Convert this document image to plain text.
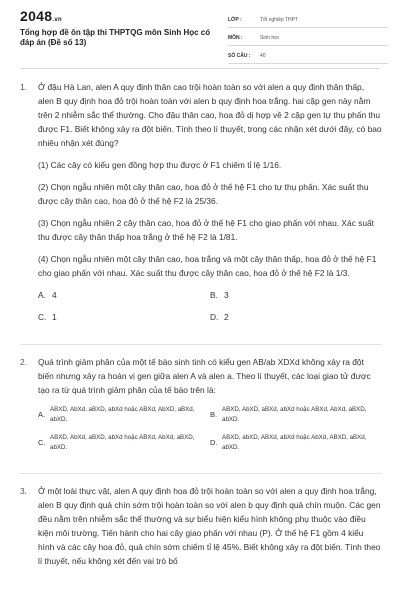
2048.vn
Tổng hợp đề ôn tập thi THPTQG môn Sinh Học có đáp án (Đề số 13)
LỚP :	Tốt nghiệp THPT
MÔN :	Sinh học
SỐ CÂU :	40
1.	Ở đậu Hà Lan, alen A quy định thân cao trội hoàn toàn so với alen a quy định thân thấp, alen B quy định hoa đỏ trội hoàn toàn với alen b quy định hoa trắng. hai cặp gen này nằm trên 2 nhiễm sắc thể thường. Cho đậu thân cao, hoa đỏ dị hợp về 2 cặp gen tự thụ phấn thu được F1. Biết không xảy ra đột biến. Tính theo lí thuyết, trong các nhận xét dưới đây, có bao nhiêu nhận xét đúng?

(1) Các cây có kiểu gen đồng hợp thu được ở F1 chiếm tỉ lệ 1/16.

(2) Chọn ngẫu nhiên một cây thân cao, hoa đỏ ở thế hệ F1 cho tự thụ phấn. Xác suất thu được cây thân cao, hoa đỏ ở thế hệ F2 là 25/36.

(3) Chọn ngẫu nhiên 2 cây thân cao, hoa đỏ ở thế hệ F1 cho giao phấn với nhau. Xác suất thu được cây thân thấp hoa trắng ở thế hệ F2 là 1/81.

(4) Chọn ngẫu nhiên một cây thân cao, hoa trắng và một cây thân thấp, hoa đỏ ở thế hệ F1 cho giao phấn với nhau. Xác suất thu được cây thân cao, hoa đỏ ở thế hệ F2 là 1/3.

A. 4	B. 3
C. 1	D. 2
2.	Quá trình giảm phân của một tế bào sinh tinh có kiểu gen AB/ab XDXd không xảy ra đột biến nhưng xảy ra hoán vị gen giữa alen A và alen a. Theo lí thuyết, các loại giao tử được tạo ra từ quá trình giảm phân của tế bào trên là:

A.
ABXD, AbXd, aBXD, abXd hoặc ABXd, AbXD, aBXd, abXD.
B.
ABXD, AbXD, aBXd, abXd hoặc ABXd, AbXd, aBXD, abXD.
C.
ABXD, AbXd, aBXD, abXd hoặc ABXd, AbXd, aBXD, abXD.
D.
ABXD, abXD, ABXd, abXd hoặc AbXd, ABXD, aBXd, abXD.
3.	Ở một loài thực vật, alen A quy định hoa đỏ trội hoàn toàn so với alen a quy định hoa trắng, alen B quy định quả chín sớm trội hoàn toàn so với alen b quy định quả chín muộn. Các gen đều nằm trên nhiễm sắc thể thường và sự biểu hiện kiểu hình không phụ thuộc vào điều kiện môi trường. Tiến hành cho hai cây giao phấn với nhau (P). Ở thế hệ F1 gồm 4 kiểu hình và các cây hoa đỏ, quả chín sớm chiếm tỉ lệ 45%. Biết không xảy ra đột biến. Tính theo lí thuyết, nếu không xét đến vai trò bố
